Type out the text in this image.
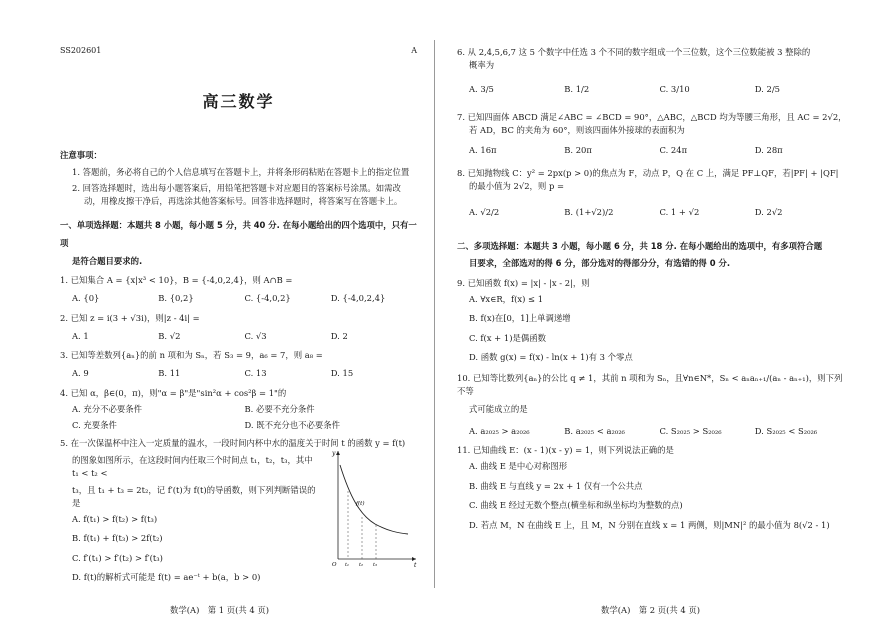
SS202601	A
高三数学
注意事项：
1. 答题前，务必将自己的个人信息填写在答题卡上，并将条形码粘贴在答题卡上的指定位置
2. 回答选择题时，选出每小题答案后，用铅笔把答题卡对应题目的答案标号涂黑。如需改动，用橡皮擦干净后，再选涂其他答案标号。回答非选择题时，将答案写在答题卡上。
一、单项选择题：本题共 8 小题，每小题 5 分，共 40 分. 在每小题给出的四个选项中，只有一项
是符合题目要求的.
1. 已知集合 A = {x|x³ < 10}，B = {-4,0,2,4}，则 A∩B =
A. {0}	B. {0,2}	C. {-4,0,2}	D. {-4,0,2,4}
2. 已知 z = i(3 + √3i)，则|z - 4i| =
A. 1	B. √2	C. √3	D. 2
3. 已知等差数列{aₙ}的前 n 项和为 Sₙ，若 S₃ = 9，a₆ = 7，则 a₈ =
A. 9	B. 11	C. 13	D. 15
4. 已知 α，β∈(0，π)，则"α = β"是"sin²α + cos²β = 1"的
A. 充分不必要条件	B. 必要不充分条件
C. 充要条件	D. 既不充分也不必要条件
5. 在一次保温杯中注入一定质量的温水，一段时间内杯中水的温度关于时间 t 的函数 y = f(t)
的图象如图所示，在这段时间内任取三个时间点 t₁，t₂，t₃，其中 t₁ < t₂ <
t₃，且 t₁ + t₃ = 2t₂，记 f′(t)为 f(t)的导函数，则下列判断错误的是
A. f(t₁) > f(t₂) > f(t₃)
B. f(t₁) + f(t₃) > 2f(t₂)
C. f′(t₁) > f′(t₂) > f′(t₃)
D. f(t)的解析式可能是 f(t) = ae⁻ᵗ + b(a，b > 0)
y
t
O
f(t)
t₁ t₂ t₃
数学(A)　第 1 页(共 4 页)
6. 从 2,4,5,6,7 这 5 个数字中任选 3 个不同的数字组成一个三位数，这个三位数能被 3 整除的
概率为
A. 3/5	B. 1/2	C. 3/10	D. 2/5
7. 已知四面体 ABCD 满足∠ABC = ∠BCD = 90°，△ABC，△BCD 均为等腰三角形，且 AC = 2√2，
若 AD，BC 的夹角为 60°，则该四面体外接球的表面积为
A. 16π	B. 20π	C. 24π	D. 28π
8. 已知抛物线 C：y² = 2px(p > 0)的焦点为 F，动点 P，Q 在 C 上，满足 PF⊥QF，若|PF| + |QF|
的最小值为 2√2，则 p =
A. √2/2	B. (1+√2)/2	C. 1 + √2	D. 2√2
二、多项选择题：本题共 3 小题，每小题 6 分，共 18 分. 在每小题给出的选项中，有多项符合题
目要求，全部选对的得 6 分，部分选对的得部分分，有选错的得 0 分.
9. 已知函数 f(x) = |x| - |x - 2|，则
A. ∀x∈R，f(x) ≤ 1
B. f(x)在[0，1]上单调递增
C. f(x + 1)是偶函数
D. 函数 g(x) = f(x) - ln(x + 1)有 3 个零点
10. 已知等比数列{aₙ}的公比 q ≠ 1，其前 n 项和为 Sₙ，且∀n∈N*，Sₙ < aₙaₙ₊₁/(aₙ - aₙ₊₁)，则下列不等
式可能成立的是
A. a₂₀₂₅ > a₂₀₂₆	B. a₂₀₂₅ < a₂₀₂₆	C. S₂₀₂₅ > S₂₀₂₆	D. S₂₀₂₅ < S₂₀₂₆
11. 已知曲线 E：(x - 1)(x - y) = 1，则下列说法正确的是
A. 曲线 E 是中心对称图形
B. 曲线 E 与直线 y = 2x + 1 仅有一个公共点
C. 曲线 E 经过无数个整点(横坐标和纵坐标均为整数的点)
D. 若点 M，N 在曲线 E 上，且 M，N 分别在直线 x = 1 两侧，则|MN|² 的最小值为 8(√2 - 1)
数学(A)　第 2 页(共 4 页)
